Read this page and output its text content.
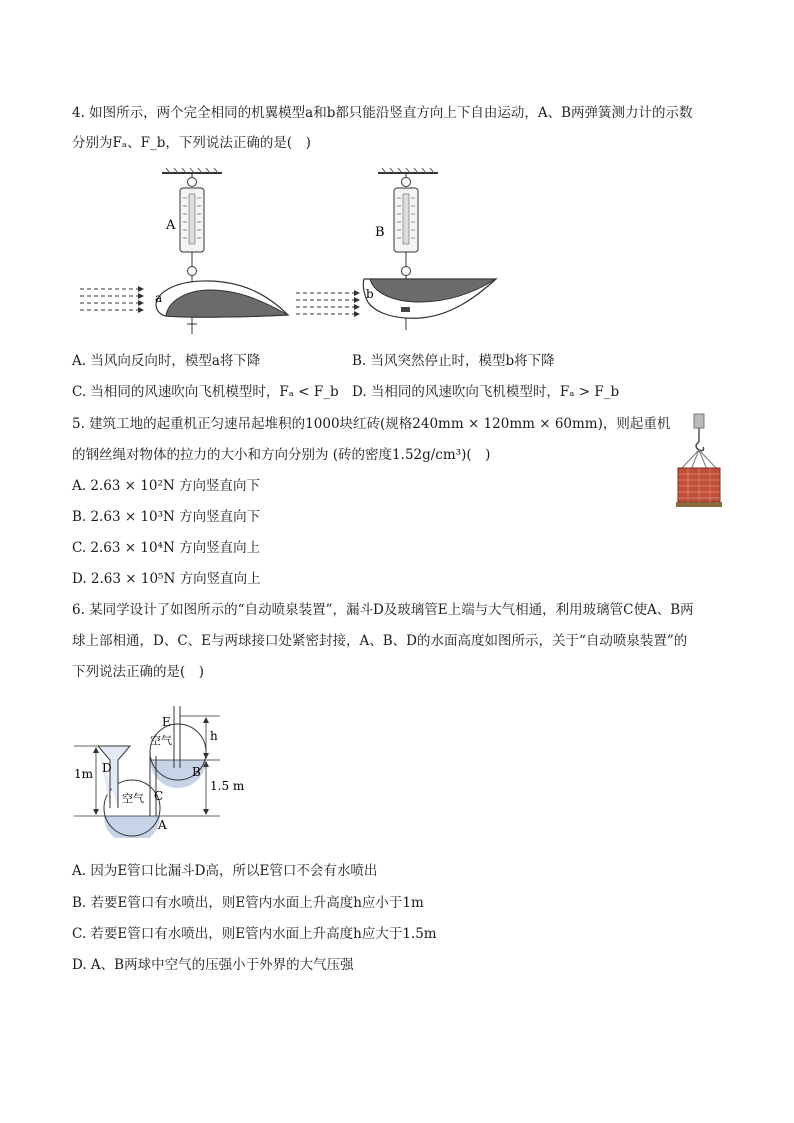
4. 如图所示，两个完全相同的机翼模型a和b都只能沿竖直方向上下自由运动，A、B两弹簧测力计的示数
分别为Fₐ、F_b，下列说法正确的是(　)
A
a
B
b
A. 当风向反向时，模型a将下降	B. 当风突然停止时，模型b将下降
C. 当相同的风速吹向飞机模型时，Fₐ < F_b D. 当相同的风速吹向飞机模型时，Fₐ > F_b
5. 建筑工地的起重机正匀速吊起堆积的1000块红砖(规格240mm × 120mm × 60mm)，则起重机
的钢丝绳对物体的拉力的大小和方向分别为 (砖的密度1.52g/cm³)(　)
A. 2.63 × 10²N 方向竖直向下
B. 2.63 × 10³N 方向竖直向下
C. 2.63 × 10⁴N 方向竖直向上
D. 2.63 × 10⁵N 方向竖直向上
6. 某同学设计了如图所示的“自动喷泉装置”，漏斗D及玻璃管E上端与大气相通，利用玻璃管C使A、B两
球上部相通，D、C、E与两球接口处紧密封接，A、B、D的水面高度如图所示，关于“自动喷泉装置”的
下列说法正确的是(　)
E
h
D
1m
空气
B
C
1.5 m
空气
A
A. 因为E管口比漏斗D高，所以E管口不会有水喷出
B. 若要E管口有水喷出，则E管内水面上升高度h应小于1m
C. 若要E管口有水喷出，则E管内水面上升高度h应大于1.5m
D. A、B两球中空气的压强小于外界的大气压强
